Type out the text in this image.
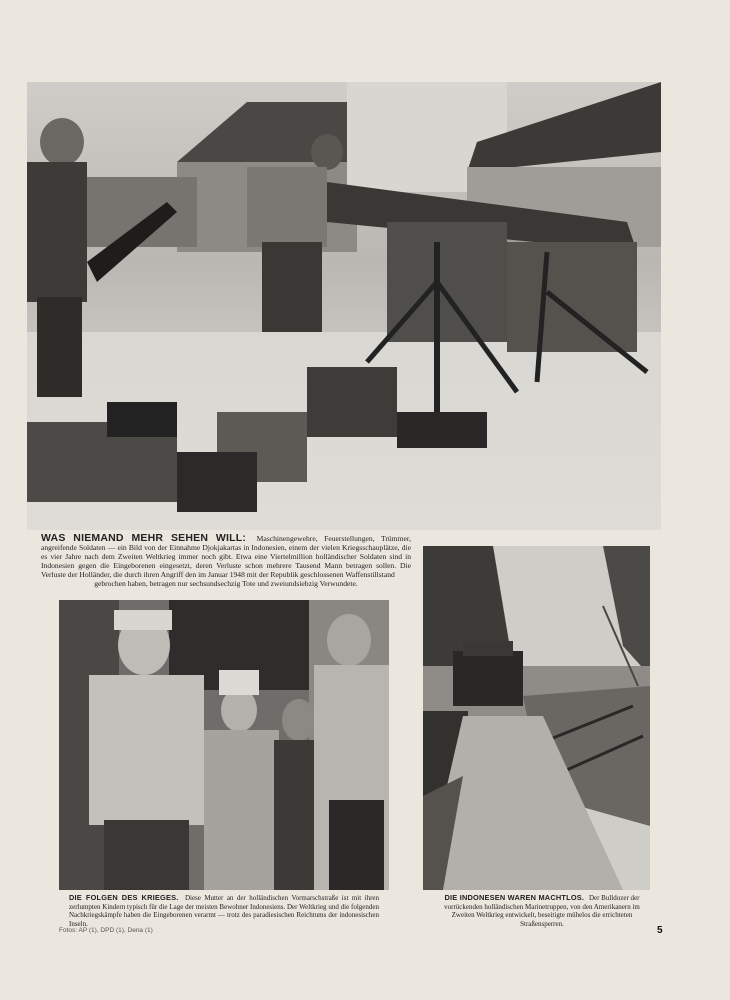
WAS NIEMAND MEHR SEHEN WILL: Maschinengewehre, Feuerstellungen, Trümmer, angreifende Soldaten — ein Bild von der Einnahme Djokjakartas in Indonesien, einem der vielen Kriegsschauplätze, die es vier Jahre nach dem Zweiten Weltkrieg immer noch gibt. Etwa eine Viertelmillion holländischer Soldaten sind in Indonesien gegen die Eingeborenen eingesetzt, deren Verluste schon mehrere Tausend Mann betragen sollen. Die Verluste der Holländer, die durch ihren Angriff den im Januar 1948 mit der Republik geschlossenen Waffenstillstand
gebrochen haben, betragen nur sechsundsechzig Tote und zweiundsiebzig Verwundete.
DIE FOLGEN DES KRIEGES. Diese Mutter an der holländischen Vormarschstraße ist mit ihren zerlumpten Kindern typisch für die Lage der meisten Bewohner Indonesiens. Der Weltkrieg und die folgenden Nachkriegskämpfe haben die Eingeborenen verarmt — trotz des paradiesischen Reichtums der indonesischen Inseln.
DIE INDONESEN WAREN MACHTLOS. Der Bulldozer der vorrückenden holländischen Marinetruppen, von den Amerikanern im Zweiten Weltkrieg entwickelt, beseitigte mühelos die errichteten Straßensperren.
Fotos: AP (1), DPD (1), Dena (1)	5
